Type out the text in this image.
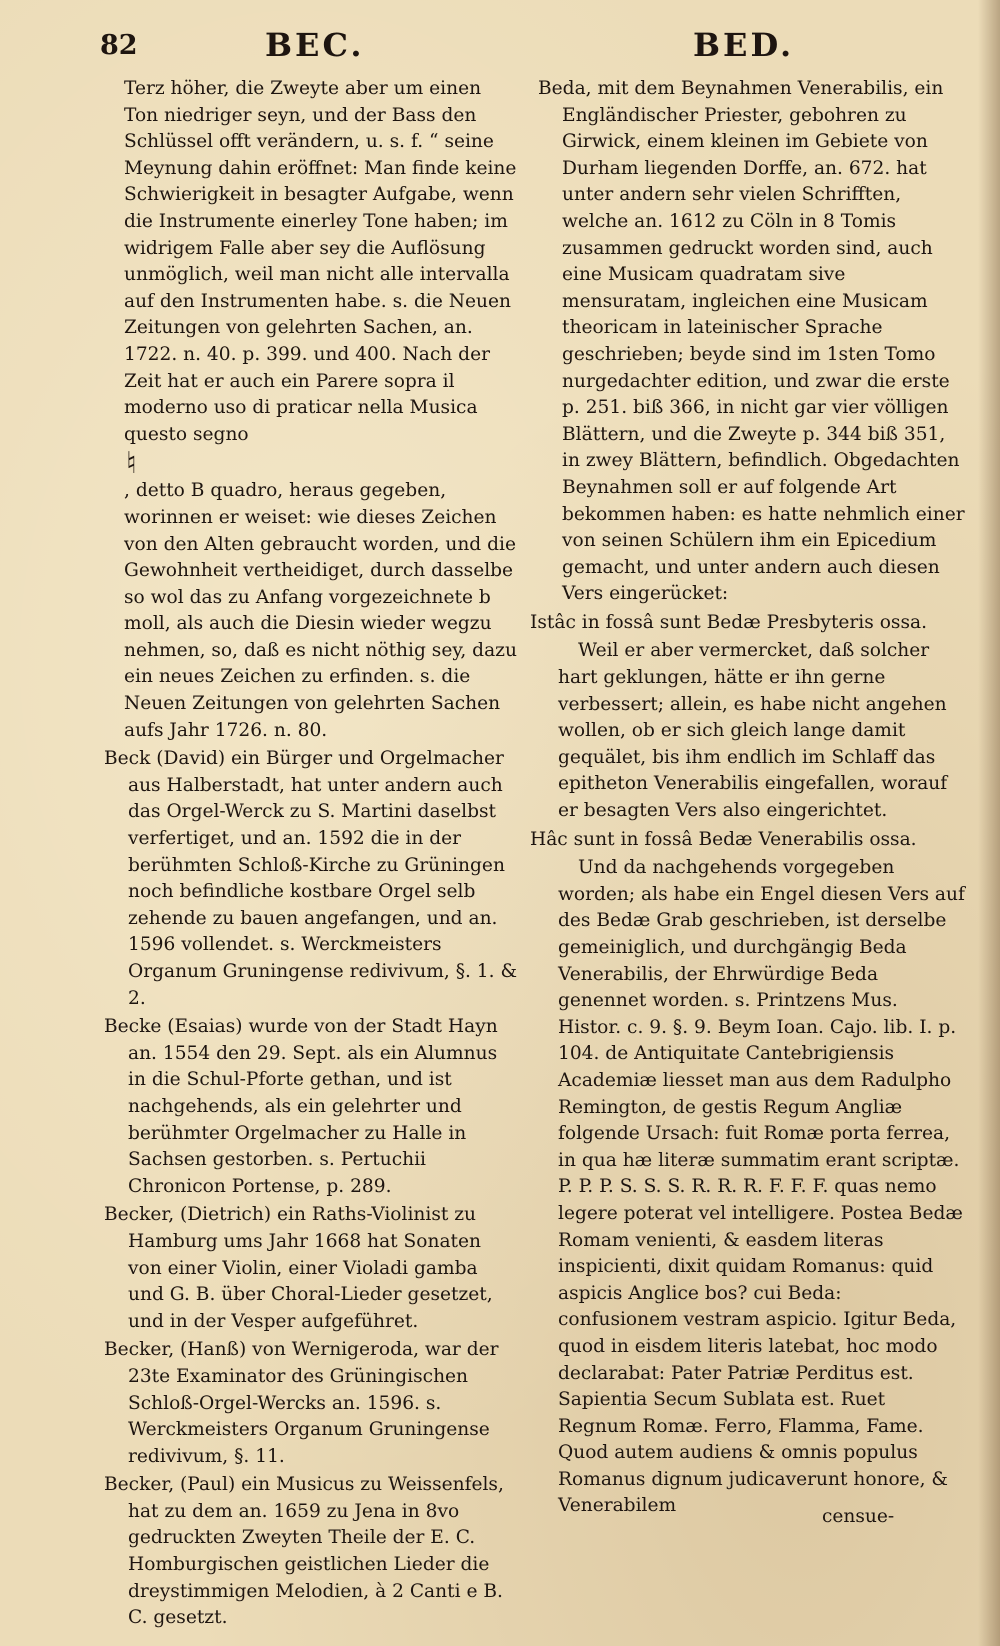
82	BEC.	BED.

Terz höher, die Zweyte aber um einen Ton niedriger seyn, und der Bass den Schlüssel offt verändern, u. s. f. “ seine Meynung dahin eröffnet: Man finde keine Schwierigkeit in besagter Aufgabe, wenn die Instrumente einerley Tone haben; im widrigem Falle aber sey die Auflösung unmöglich, weil man nicht alle intervalla auf den Instrumenten habe. s. die Neuen Zeitungen von gelehrten Sachen, an. 1722. n. 40. p. 399. und 400. Nach der Zeit hat er auch ein Parere sopra il moderno uso di praticar nella Musica questo segno

♮

, detto B quadro, heraus gegeben, worinnen er weiset: wie dieses Zeichen von den Alten gebraucht worden, und die Gewohnheit vertheidiget, durch dasselbe so wol das zu Anfang vorgezeichnete b moll, als auch die Diesin wieder wegzu nehmen, so, daß es nicht nöthig sey, dazu ein neues Zeichen zu erfinden. s. die Neuen Zeitungen von gelehrten Sachen aufs Jahr 1726. n. 80.

Beck (David) ein Bürger und Orgelmacher aus Halberstadt, hat unter andern auch das Orgel-Werck zu S. Martini daselbst verfertiget, und an. 1592 die in der berühmten Schloß-Kirche zu Grüningen noch befindliche kostbare Orgel selb zehende zu bauen angefangen, und an. 1596 vollendet. s. Werckmeisters Organum Gruningense redivivum, §. 1. & 2.

Becke (Esaias) wurde von der Stadt Hayn an. 1554 den 29. Sept. als ein Alumnus in die Schul-Pforte gethan, und ist nachgehends, als ein gelehrter und berühmter Orgelmacher zu Halle in Sachsen gestorben. s. Pertuchii Chronicon Portense, p. 289.

Becker, (Dietrich) ein Raths-Violinist zu Hamburg ums Jahr 1668 hat Sonaten von einer Violin, einer Violadi gamba und G. B. über Choral-Lieder gesetzet, und in der Vesper aufgeführet.

Becker, (Hanß) von Wernigeroda, war der 23te Examinator des Grüningischen Schloß-Orgel-Wercks an. 1596. s. Werckmeisters Organum Gruningense redivivum, §. 11.

Becker, (Paul) ein Musicus zu Weissenfels, hat zu dem an. 1659 zu Jena in 8vo gedruckten Zweyten Theile der E. C. Homburgischen geistlichen Lieder die dreystimmigen Melodien, à 2 Canti e B. C. gesetzt.

Beda, mit dem Beynahmen Venerabilis, ein Engländischer Priester, gebohren zu Girwick, einem kleinen im Gebiete von Durham liegenden Dorffe, an. 672. hat unter andern sehr vielen Schrifften, welche an. 1612 zu Cöln in 8 Tomis zusammen gedruckt worden sind, auch eine Musicam quadratam sive mensuratam, ingleichen eine Musicam theoricam in lateinischer Sprache geschrieben; beyde sind im 1sten Tomo nurgedachter edition, und zwar die erste p. 251. biß 366, in nicht gar vier völligen Blättern, und die Zweyte p. 344 biß 351, in zwey Blättern, befindlich. Obgedachten Beynahmen soll er auf folgende Art bekommen haben: es hatte nehmlich einer von seinen Schülern ihm ein Epicedium gemacht, und unter andern auch diesen Vers eingerücket:

Istâc in fossâ sunt Bedæ Presbyteris ossa.

Weil er aber vermercket, daß solcher hart geklungen, hätte er ihn gerne verbessert; allein, es habe nicht angehen wollen, ob er sich gleich lange damit gequälet, bis ihm endlich im Schlaff das epitheton Venerabilis eingefallen, worauf er besagten Vers also eingerichtet.

Hâc sunt in fossâ Bedæ Venerabilis ossa.

Und da nachgehends vorgegeben worden; als habe ein Engel diesen Vers auf des Bedæ Grab geschrieben, ist derselbe gemeiniglich, und durchgängig Beda Venerabilis, der Ehrwürdige Beda genennet worden. s. Printzens Mus. Histor. c. 9. §. 9. Beym Ioan. Cajo. lib. I. p. 104. de Antiquitate Cantebrigiensis Academiæ liesset man aus dem Radulpho Remington, de gestis Regum Angliæ folgende Ursach: fuit Romæ porta ferrea, in qua hæ literæ summatim erant scriptæ. P. P. P. S. S. S. R. R. R. F. F. F. quas nemo legere poterat vel intelligere. Postea Bedæ Romam venienti, & easdem literas inspicienti, dixit quidam Romanus: quid aspicis Anglice bos? cui Beda: confusionem vestram aspicio. Igitur Beda, quod in eisdem literis latebat, hoc modo declarabat: Pater Patriæ Perditus est. Sapientia Secum Sublata est. Ruet Regnum Romæ. Ferro, Flamma, Fame. Quod autem audiens & omnis populus Romanus dignum judicaverunt honore, & Venerabilem

censue-
